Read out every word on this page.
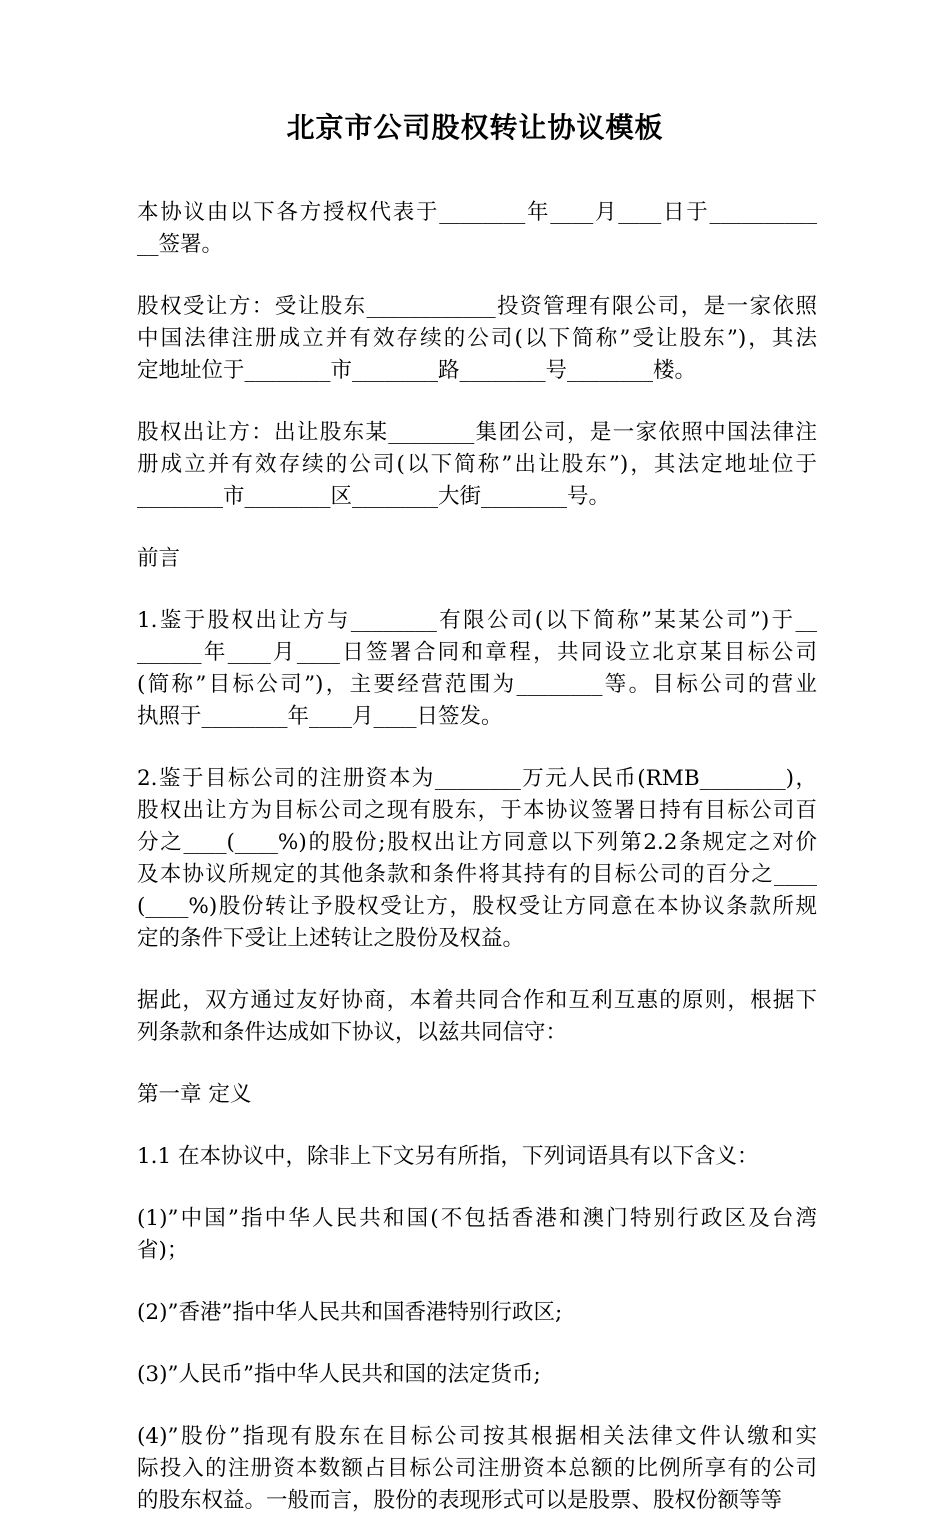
北京市公司股权转让协议模板
本协议由以下各方授权代表于________年____月____日于__________
__签署。
股权受让方：受让股东____________投资管理有限公司，是一家依照
中国法律注册成立并有效存续的公司(以下简称”受让股东”)，其法
定地址位于________市________路________号________楼。
股权出让方：出让股东某________集团公司，是一家依照中国法律注
册成立并有效存续的公司(以下简称”出让股东”)，其法定地址位于
________市________区________大街________号。
前言
1.鉴于股权出让方与________有限公司(以下简称”某某公司”)于__
______年____月____日签署合同和章程，共同设立北京某目标公司
(简称”目标公司”)，主要经营范围为________等。目标公司的营业
执照于________年____月____日签发。
2.鉴于目标公司的注册资本为________万元人民币(RMB________)，
股权出让方为目标公司之现有股东，于本协议签署日持有目标公司百
分之____(____%)的股份;股权出让方同意以下列第2.2条规定之对价
及本协议所规定的其他条款和条件将其持有的目标公司的百分之____
(____%)股份转让予股权受让方，股权受让方同意在本协议条款所规
定的条件下受让上述转让之股份及权益。
据此，双方通过友好协商，本着共同合作和互利互惠的原则，根据下
列条款和条件达成如下协议，以兹共同信守：
第一章 定义
1.1 在本协议中，除非上下文另有所指，下列词语具有以下含义：
(1)”中国”指中华人民共和国(不包括香港和澳门特别行政区及台湾
省)；
(2)”香港”指中华人民共和国香港特别行政区;
(3)”人民币”指中华人民共和国的法定货币;
(4)”股份”指现有股东在目标公司按其根据相关法律文件认缴和实
际投入的注册资本数额占目标公司注册资本总额的比例所享有的公司
的股东权益。一般而言，股份的表现形式可以是股票、股权份额等等
